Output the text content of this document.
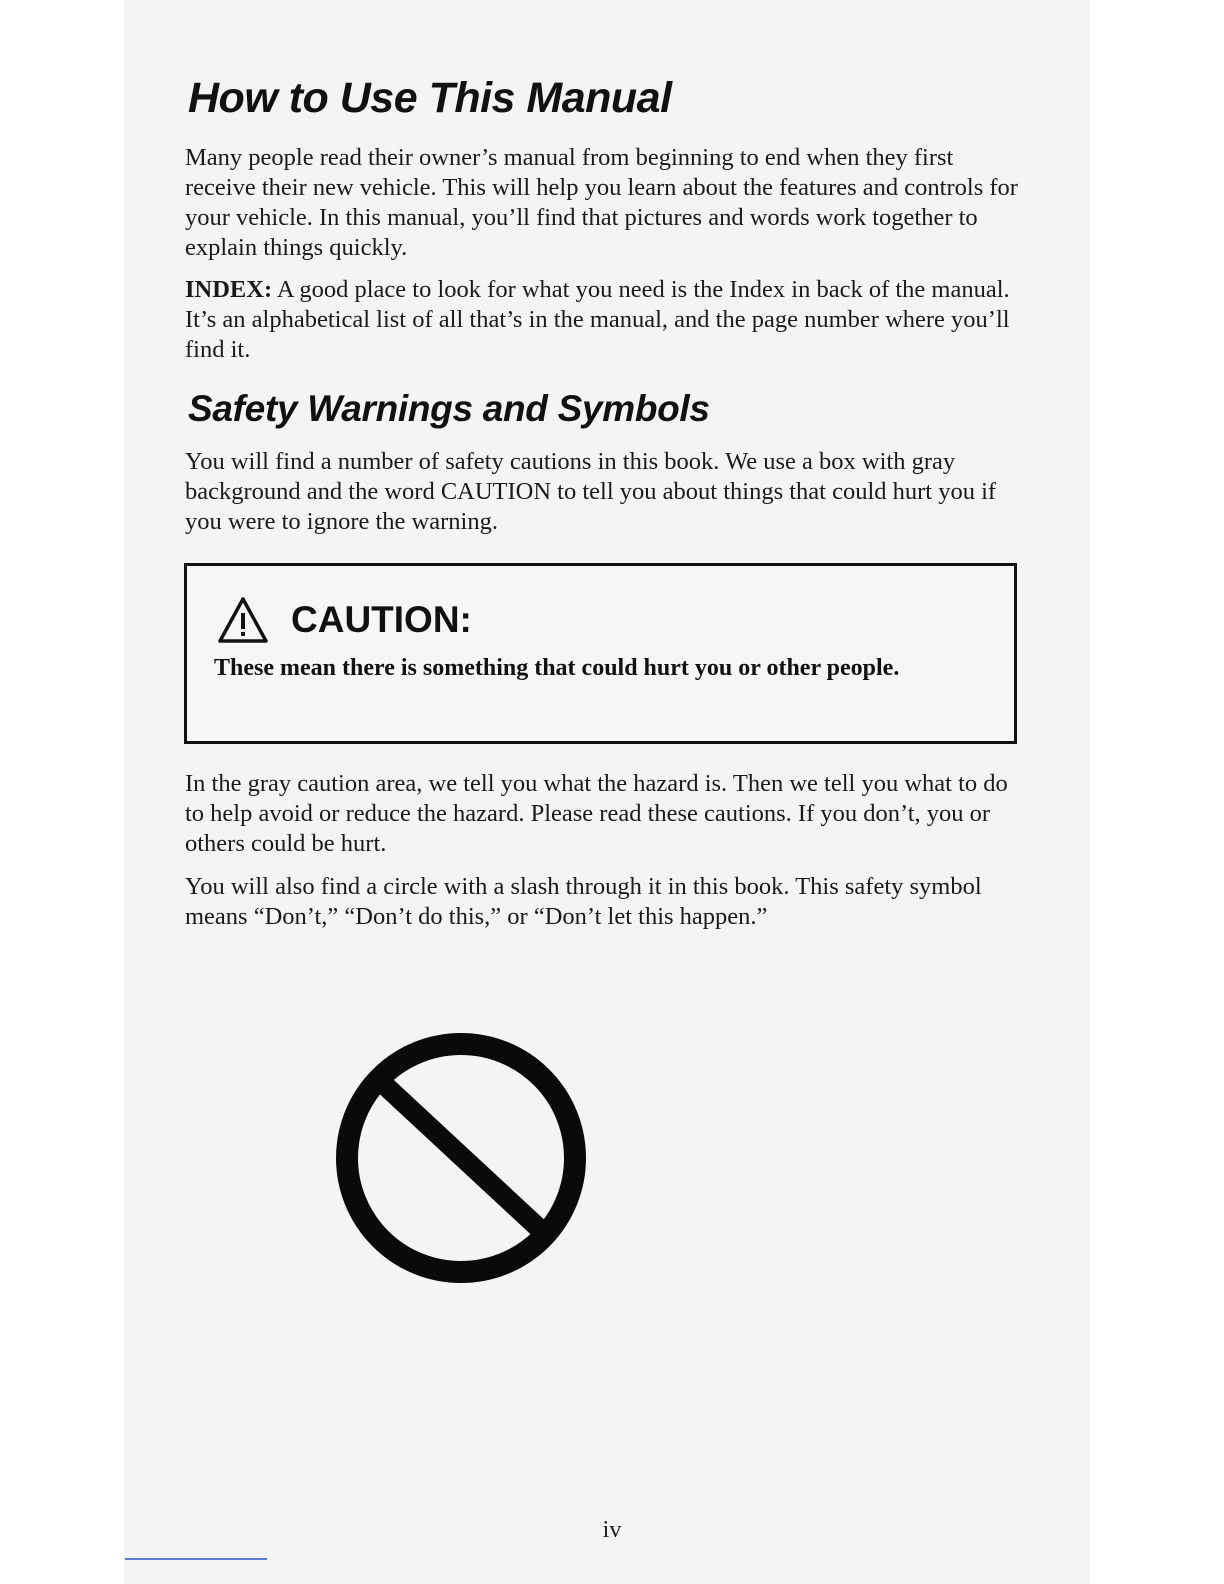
How to Use This Manual

Many people read their owner’s manual from beginning to end when they first receive their new vehicle. This will help you learn about the features and controls for your vehicle. In this manual, you’ll find that pictures and words work together to explain things quickly.

INDEX: A good place to look for what you need is the Index in back of the manual. It’s an alphabetical list of all that’s in the manual, and the page number where you’ll find it.

Safety Warnings and Symbols

You will find a number of safety cautions in this book. We use a box with gray background and the word CAUTION to tell you about things that could hurt you if you were to ignore the warning.

CAUTION:

These mean there is something that could hurt you or other people.

In the gray caution area, we tell you what the hazard is. Then we tell you what to do to help avoid or reduce the hazard. Please read these cautions. If you don’t, you or others could be hurt.

You will also find a circle with a slash through it in this book. This safety symbol means “Don’t,” “Don’t do this,” or “Don’t let this happen.”

iv
